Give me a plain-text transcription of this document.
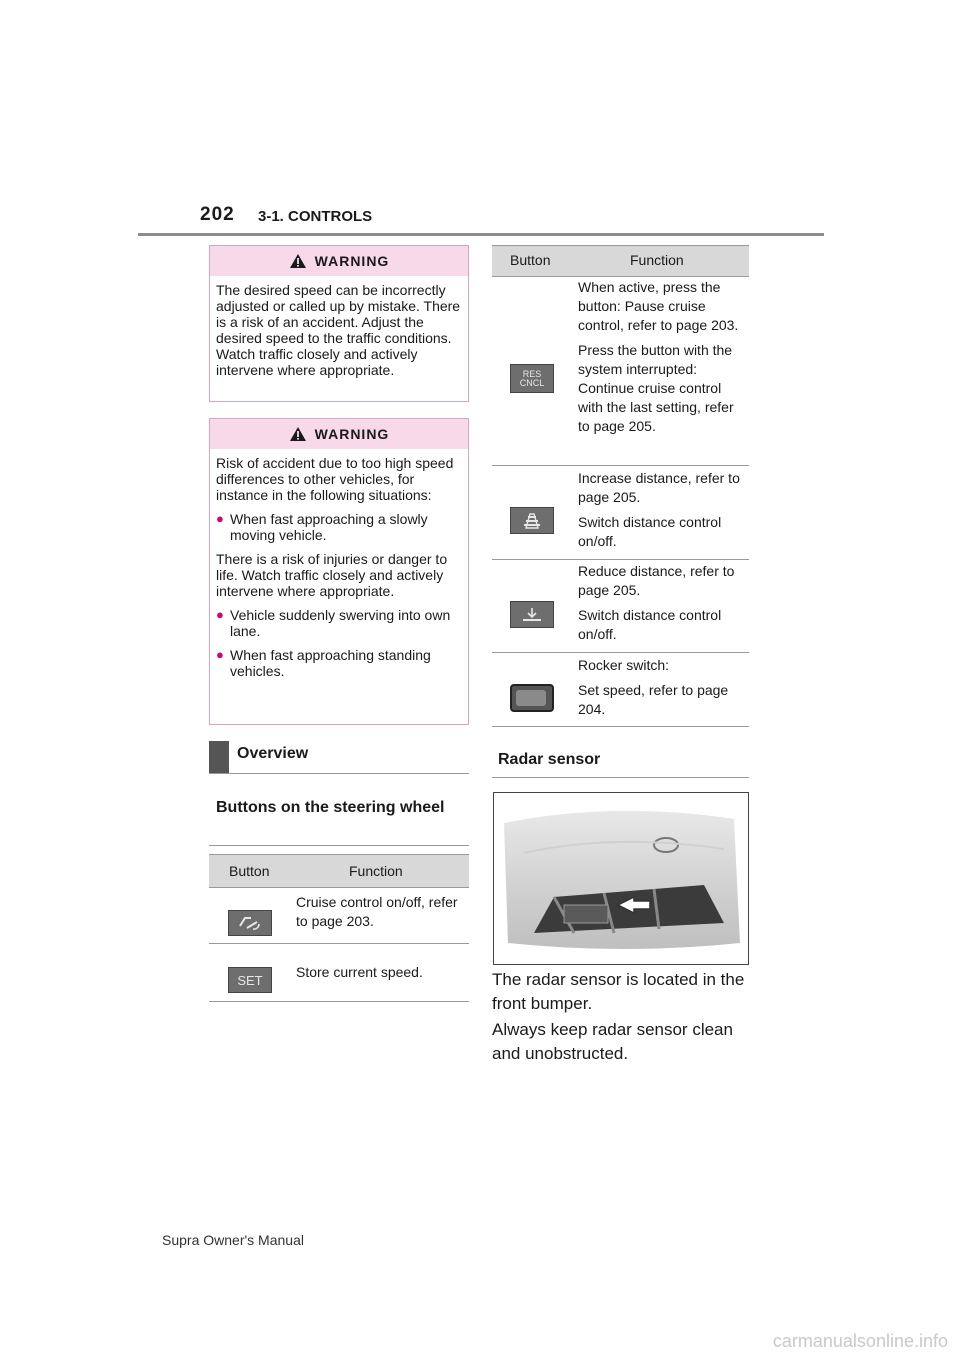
202 3-1. CONTROLS
WARNING

The desired speed can be incorrectly adjusted or called up by mistake. There is a risk of an accident. Adjust the desired speed to the traffic conditions. Watch traffic closely and actively intervene where appropriate.

WARNING

Risk of accident due to too high speed differences to other vehicles, for instance in the following situations:

● When fast approaching a slowly moving vehicle.

There is a risk of injuries or danger to life. Watch traffic closely and actively intervene where appropriate.

● Vehicle suddenly swerving into own lane.
● When fast approaching standing vehicles.
Overview
Buttons on the steering wheel
Button	Function
Cruise control on/off, refer to page 203.
SET Store current speed.
Button	Function
RES CNCL

When active, press the button: Pause cruise control, refer to page 203.

Press the button with the system interrupted: Continue cruise control with the last setting, refer to page 205.

Increase distance, refer to page 205.

Switch distance control on/off.

Reduce distance, refer to page 205.

Switch distance control on/off.

Rocker switch:

Set speed, refer to page 204.

Radar sensor
The radar sensor is located in the front bumper.
Always keep radar sensor clean and unobstructed.
Supra Owner's Manual
carmanualsonline.info
